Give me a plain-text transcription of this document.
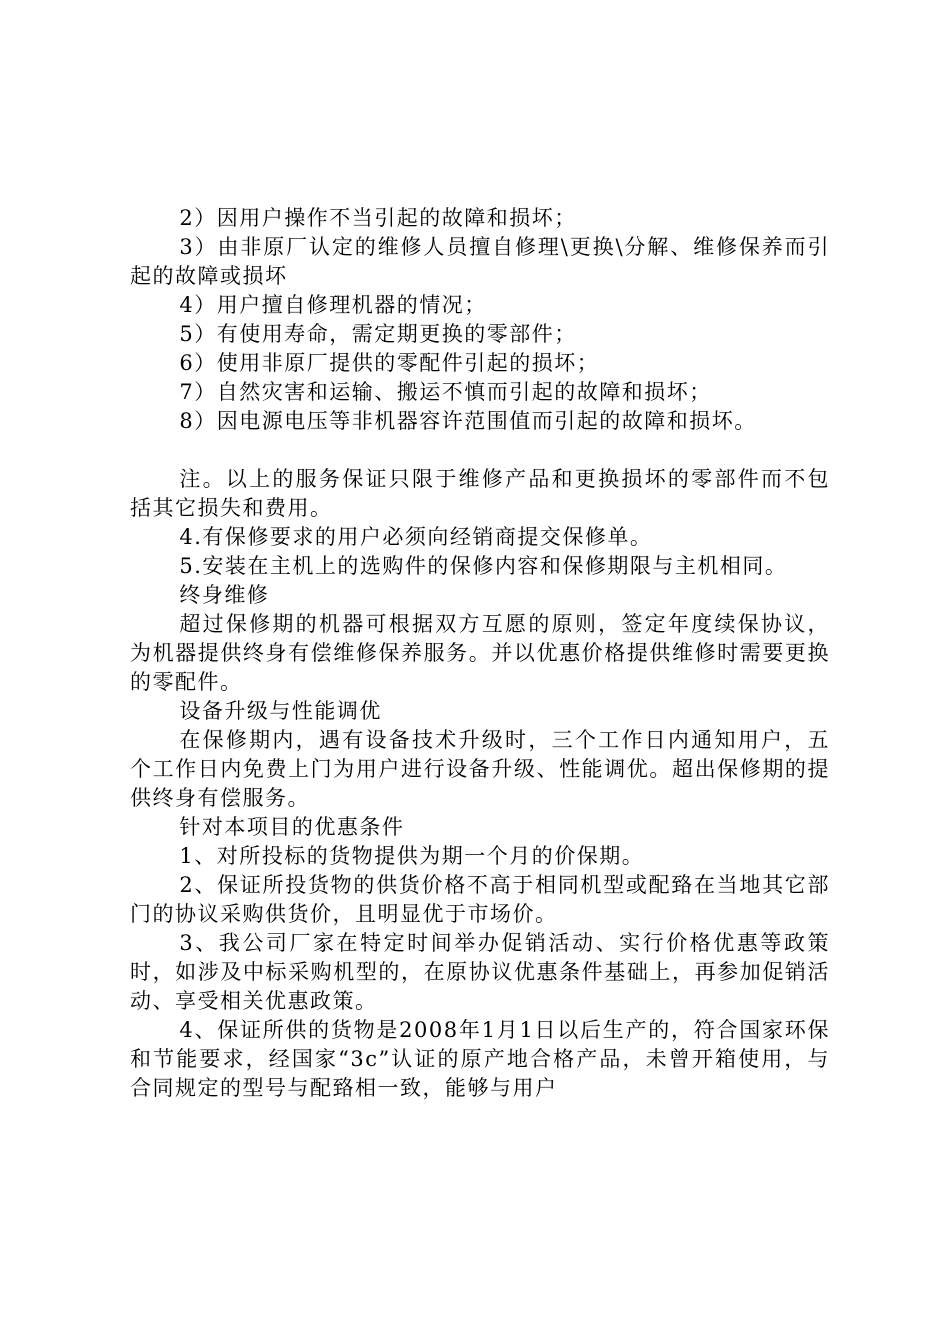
2）因用户操作不当引起的故障和损坏；

3）由非原厂认定的维修人员擅自修理\更换\分解、维修保养而引起的故障或损坏

4）用户擅自修理机器的情况；

5）有使用寿命，需定期更换的零部件；

6）使用非原厂提供的零配件引起的损坏；

7）自然灾害和运输、搬运不慎而引起的故障和损坏；

8）因电源电压等非机器容许范围值而引起的故障和损坏。

注。以上的服务保证只限于维修产品和更换损坏的零部件而不包括其它损失和费用。

4.有保修要求的用户必须向经销商提交保修单。

5.安装在主机上的选购件的保修内容和保修期限与主机相同。

终身维修

超过保修期的机器可根据双方互愿的原则，签定年度续保协议，为机器提供终身有偿维修保养服务。并以优惠价格提供维修时需要更换的零配件。

设备升级与性能调优

在保修期内，遇有设备技术升级时，三个工作日内通知用户，五个工作日内免费上门为用户进行设备升级、性能调优。超出保修期的提供终身有偿服务。

针对本项目的优惠条件

1、对所投标的货物提供为期一个月的价保期。

2、保证所投货物的供货价格不高于相同机型或配臵在当地其它部门的协议采购供货价，且明显优于市场价。

3、我公司厂家在特定时间举办促销活动、实行价格优惠等政策时，如涉及中标采购机型的，在原协议优惠条件基础上，再参加促销活动、享受相关优惠政策。

4、保证所供的货物是2008年1月1日以后生产的，符合国家环保和节能要求，经国家“3c”认证的原产地合格产品，未曾开箱使用，与合同规定的型号与配臵相一致，能够与用户
